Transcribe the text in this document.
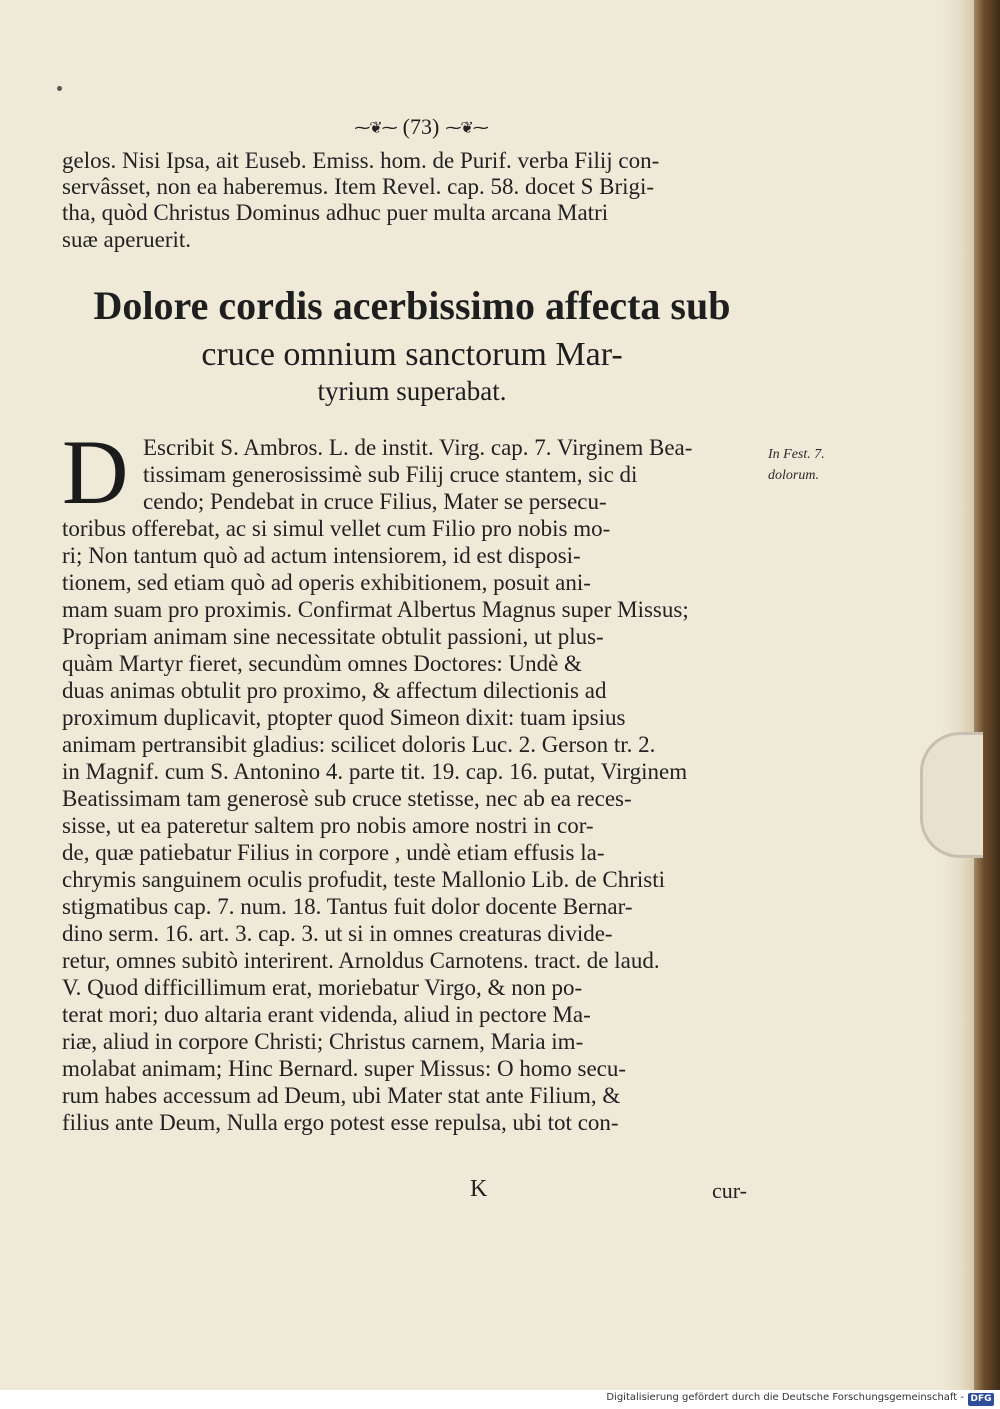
⁓❦⁓ (73) ⁓❦⁓

gelos. Nisi Ipsa, ait Euseb. Emiss. hom. de Purif. verba Filij con-

servâsset, non ea haberemus. Item Revel. cap. 58. docet S Brigi-

tha, quòd Christus Dominus adhuc puer multa arcana Matri

suæ aperuerit.

Dolore cordis acerbissimo affecta sub
cruce omnium sanctorum Mar-
tyrium superabat.
D Escribit S. Ambros. L. de instit. Virg. cap. 7. Virginem Bea-

tissimam generosissimè sub Filij cruce stantem, sic di

cendo; Pendebat in cruce Filius, Mater se persecu-

toribus offerebat, ac si simul vellet cum Filio pro nobis mo-

ri; Non tantum quò ad actum intensiorem, id est disposi-

tionem, sed etiam quò ad operis exhibitionem, posuit ani-

mam suam pro proximis. Confirmat Albertus Magnus super Missus;

Propriam animam sine necessitate obtulit passioni, ut plus-

quàm Martyr fieret, secundùm omnes Doctores: Undè &

duas animas obtulit pro proximo, & affectum dilectionis ad

proximum duplicavit, ptopter quod Simeon dixit: tuam ipsius

animam pertransibit gladius: scilicet doloris Luc. 2. Gerson tr. 2.

in Magnif. cum S. Antonino 4. parte tit. 19. cap. 16. putat, Virginem

Beatissimam tam generosè sub cruce stetisse, nec ab ea reces-

sisse, ut ea pateretur saltem pro nobis amore nostri in cor-

de, quæ patiebatur Filius in corpore , undè etiam effusis la-

chrymis sanguinem oculis profudit, teste Mallonio Lib. de Christi

stigmatibus cap. 7. num. 18. Tantus fuit dolor docente Bernar-

dino serm. 16. art. 3. cap. 3. ut si in omnes creaturas divide-

retur, omnes subitò interirent. Arnoldus Carnotens. tract. de laud.

V. Quod difficillimum erat, moriebatur Virgo, & non po-

terat mori; duo altaria erant videnda, aliud in pectore Ma-

riæ, aliud in corpore Christi; Christus carnem, Maria im-

molabat animam; Hinc Bernard. super Missus: O homo secu-

rum habes accessum ad Deum, ubi Mater stat ante Filium, &

filius ante Deum, Nulla ergo potest esse repulsa, ubi tot con-

In Fest. 7.
dolorum.
K	cur-
Digitalisierung gefördert durch die Deutsche Forschungsgemeinschaft - DFG
